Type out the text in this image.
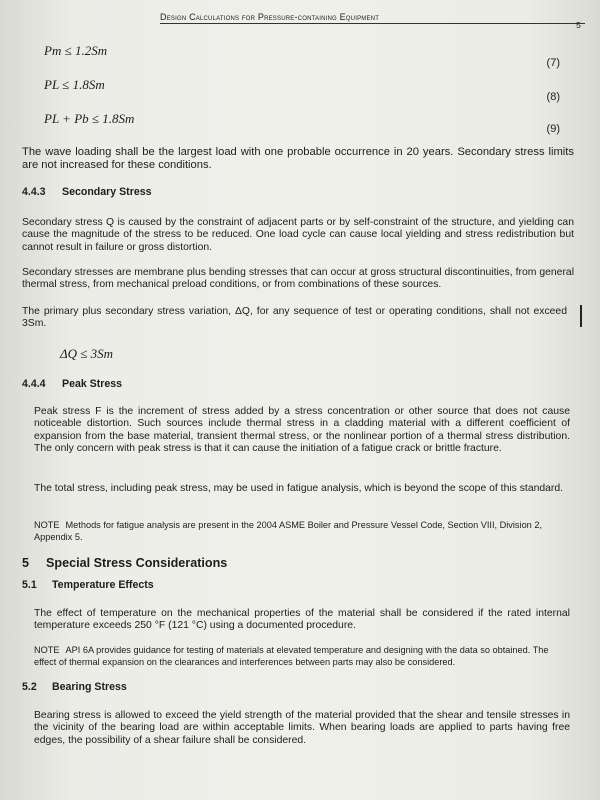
Design Calculations for Pressure-containing Equipment
5
Pm ≤ 1.2Sm
(7)
PL ≤ 1.8Sm
(8)
PL + Pb ≤ 1.8Sm
(9)
The wave loading shall be the largest load with one probable occurrence in 20 years. Secondary stress limits are not increased for these conditions.
4.4.3 Secondary Stress
Secondary stress Q is caused by the constraint of adjacent parts or by self-constraint of the structure, and yielding can cause the magnitude of the stress to be reduced. One load cycle can cause local yielding and stress redistribution but cannot result in failure or gross distortion.
Secondary stresses are membrane plus bending stresses that can occur at gross structural discontinuities, from general thermal stress, from mechanical preload conditions, or from combinations of these sources.
The primary plus secondary stress variation, ΔQ, for any sequence of test or operating conditions, shall not exceed 3Sm.
ΔQ ≤ 3Sm
4.4.4 Peak Stress
Peak stress F is the increment of stress added by a stress concentration or other source that does not cause noticeable distortion. Such sources include thermal stress in a cladding material with a different coefficient of expansion from the base material, transient thermal stress, or the nonlinear portion of a thermal stress distribution. The only concern with peak stress is that it can cause the initiation of a fatigue crack or brittle fracture.
The total stress, including peak stress, may be used in fatigue analysis, which is beyond the scope of this standard.
NOTE Methods for fatigue analysis are present in the 2004 ASME Boiler and Pressure Vessel Code, Section VIII, Division 2, Appendix 5.
5 Special Stress Considerations
5.1 Temperature Effects
The effect of temperature on the mechanical properties of the material shall be considered if the rated internal temperature exceeds 250 °F (121 °C) using a documented procedure.
NOTE API 6A provides guidance for testing of materials at elevated temperature and designing with the data so obtained. The effect of thermal expansion on the clearances and interferences between parts may also be considered.
5.2 Bearing Stress
Bearing stress is allowed to exceed the yield strength of the material provided that the shear and tensile stresses in the vicinity of the bearing load are within acceptable limits. When bearing loads are applied to parts having free edges, the possibility of a shear failure shall be considered.
